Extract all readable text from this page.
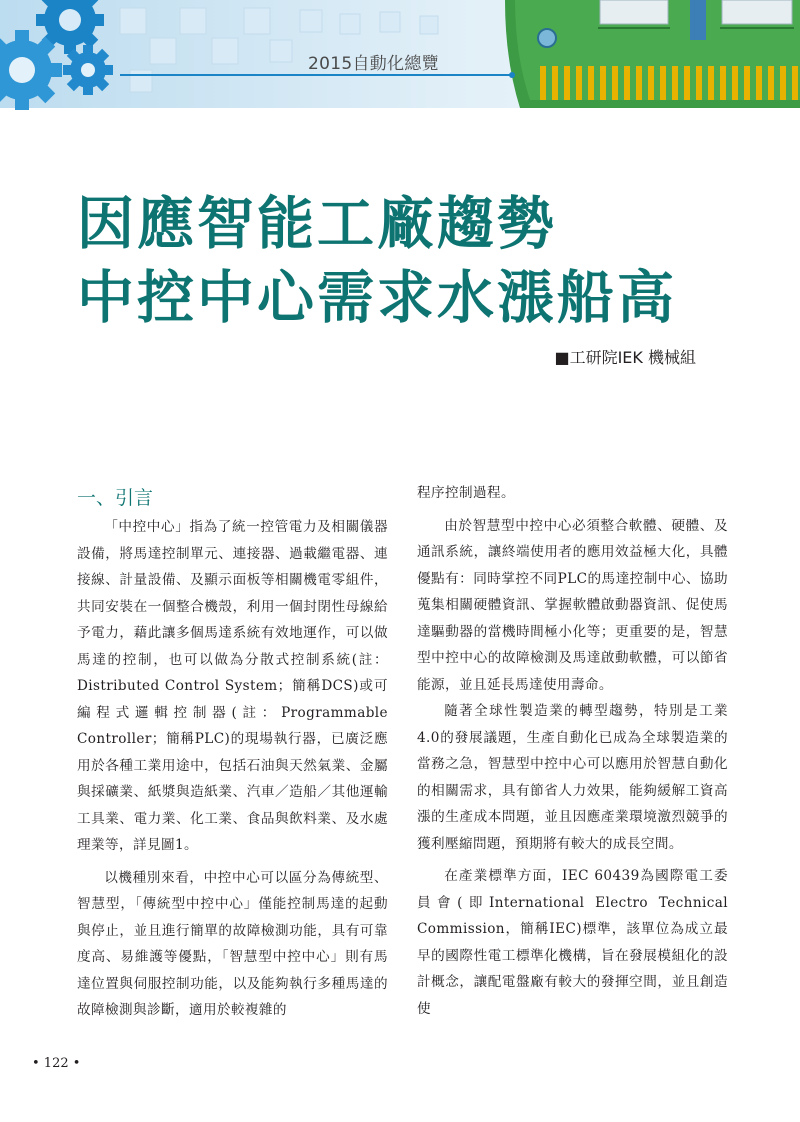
2015自動化總覽
因應智能工廠趨勢
中控中心需求水漲船高
■工研院IEK 機械組
一、引言

「中控中心」指為了統一控管電力及相關儀器設備，將馬達控制單元、連接器、過載繼電器、連接線、計量設備、及顯示面板等相關機電零組件，共同安裝在一個整合機殼，利用一個封閉性母線給予電力，藉此讓多個馬達系統有效地運作，可以做馬達的控制，也可以做為分散式控制系統(註：Distributed Control System；簡稱DCS)或可編程式邏輯控制器(註：Programmable Controller；簡稱PLC)的現場執行器，已廣泛應用於各種工業用途中，包括石油與天然氣業、金屬與採礦業、紙漿與造紙業、汽車／造船／其他運輸工具業、電力業、化工業、食品與飲料業、及水處理業等，詳見圖1。

以機種別來看，中控中心可以區分為傳統型、智慧型，「傳統型中控中心」僅能控制馬達的起動與停止，並且進行簡單的故障檢測功能，具有可靠度高、易維護等優點，「智慧型中控中心」則有馬達位置與伺服控制功能，以及能夠執行多種馬達的故障檢測與診斷，適用於較複雜的

程序控制過程。

由於智慧型中控中心必須整合軟體、硬體、及通訊系統，讓終端使用者的應用效益極大化，具體優點有：同時掌控不同PLC的馬達控制中心、協助蒐集相關硬體資訊、掌握軟體啟動器資訊、促使馬達驅動器的當機時間極小化等；更重要的是，智慧型中控中心的故障檢測及馬達啟動軟體，可以節省能源，並且延長馬達使用壽命。

隨著全球性製造業的轉型趨勢，特別是工業4.0的發展議題，生產自動化已成為全球製造業的當務之急，智慧型中控中心可以應用於智慧自動化的相關需求，具有節省人力效果，能夠緩解工資高漲的生產成本問題，並且因應產業環境激烈競爭的獲利壓縮問題，預期將有較大的成長空間。

在產業標準方面，IEC 60439為國際電工委員會(即International Electro Technical Commission，簡稱IEC)標準，該單位為成立最早的國際性電工標準化機構，旨在發展模組化的設計概念，讓配電盤廠有較大的發揮空間，並且創造使

• 122 •
